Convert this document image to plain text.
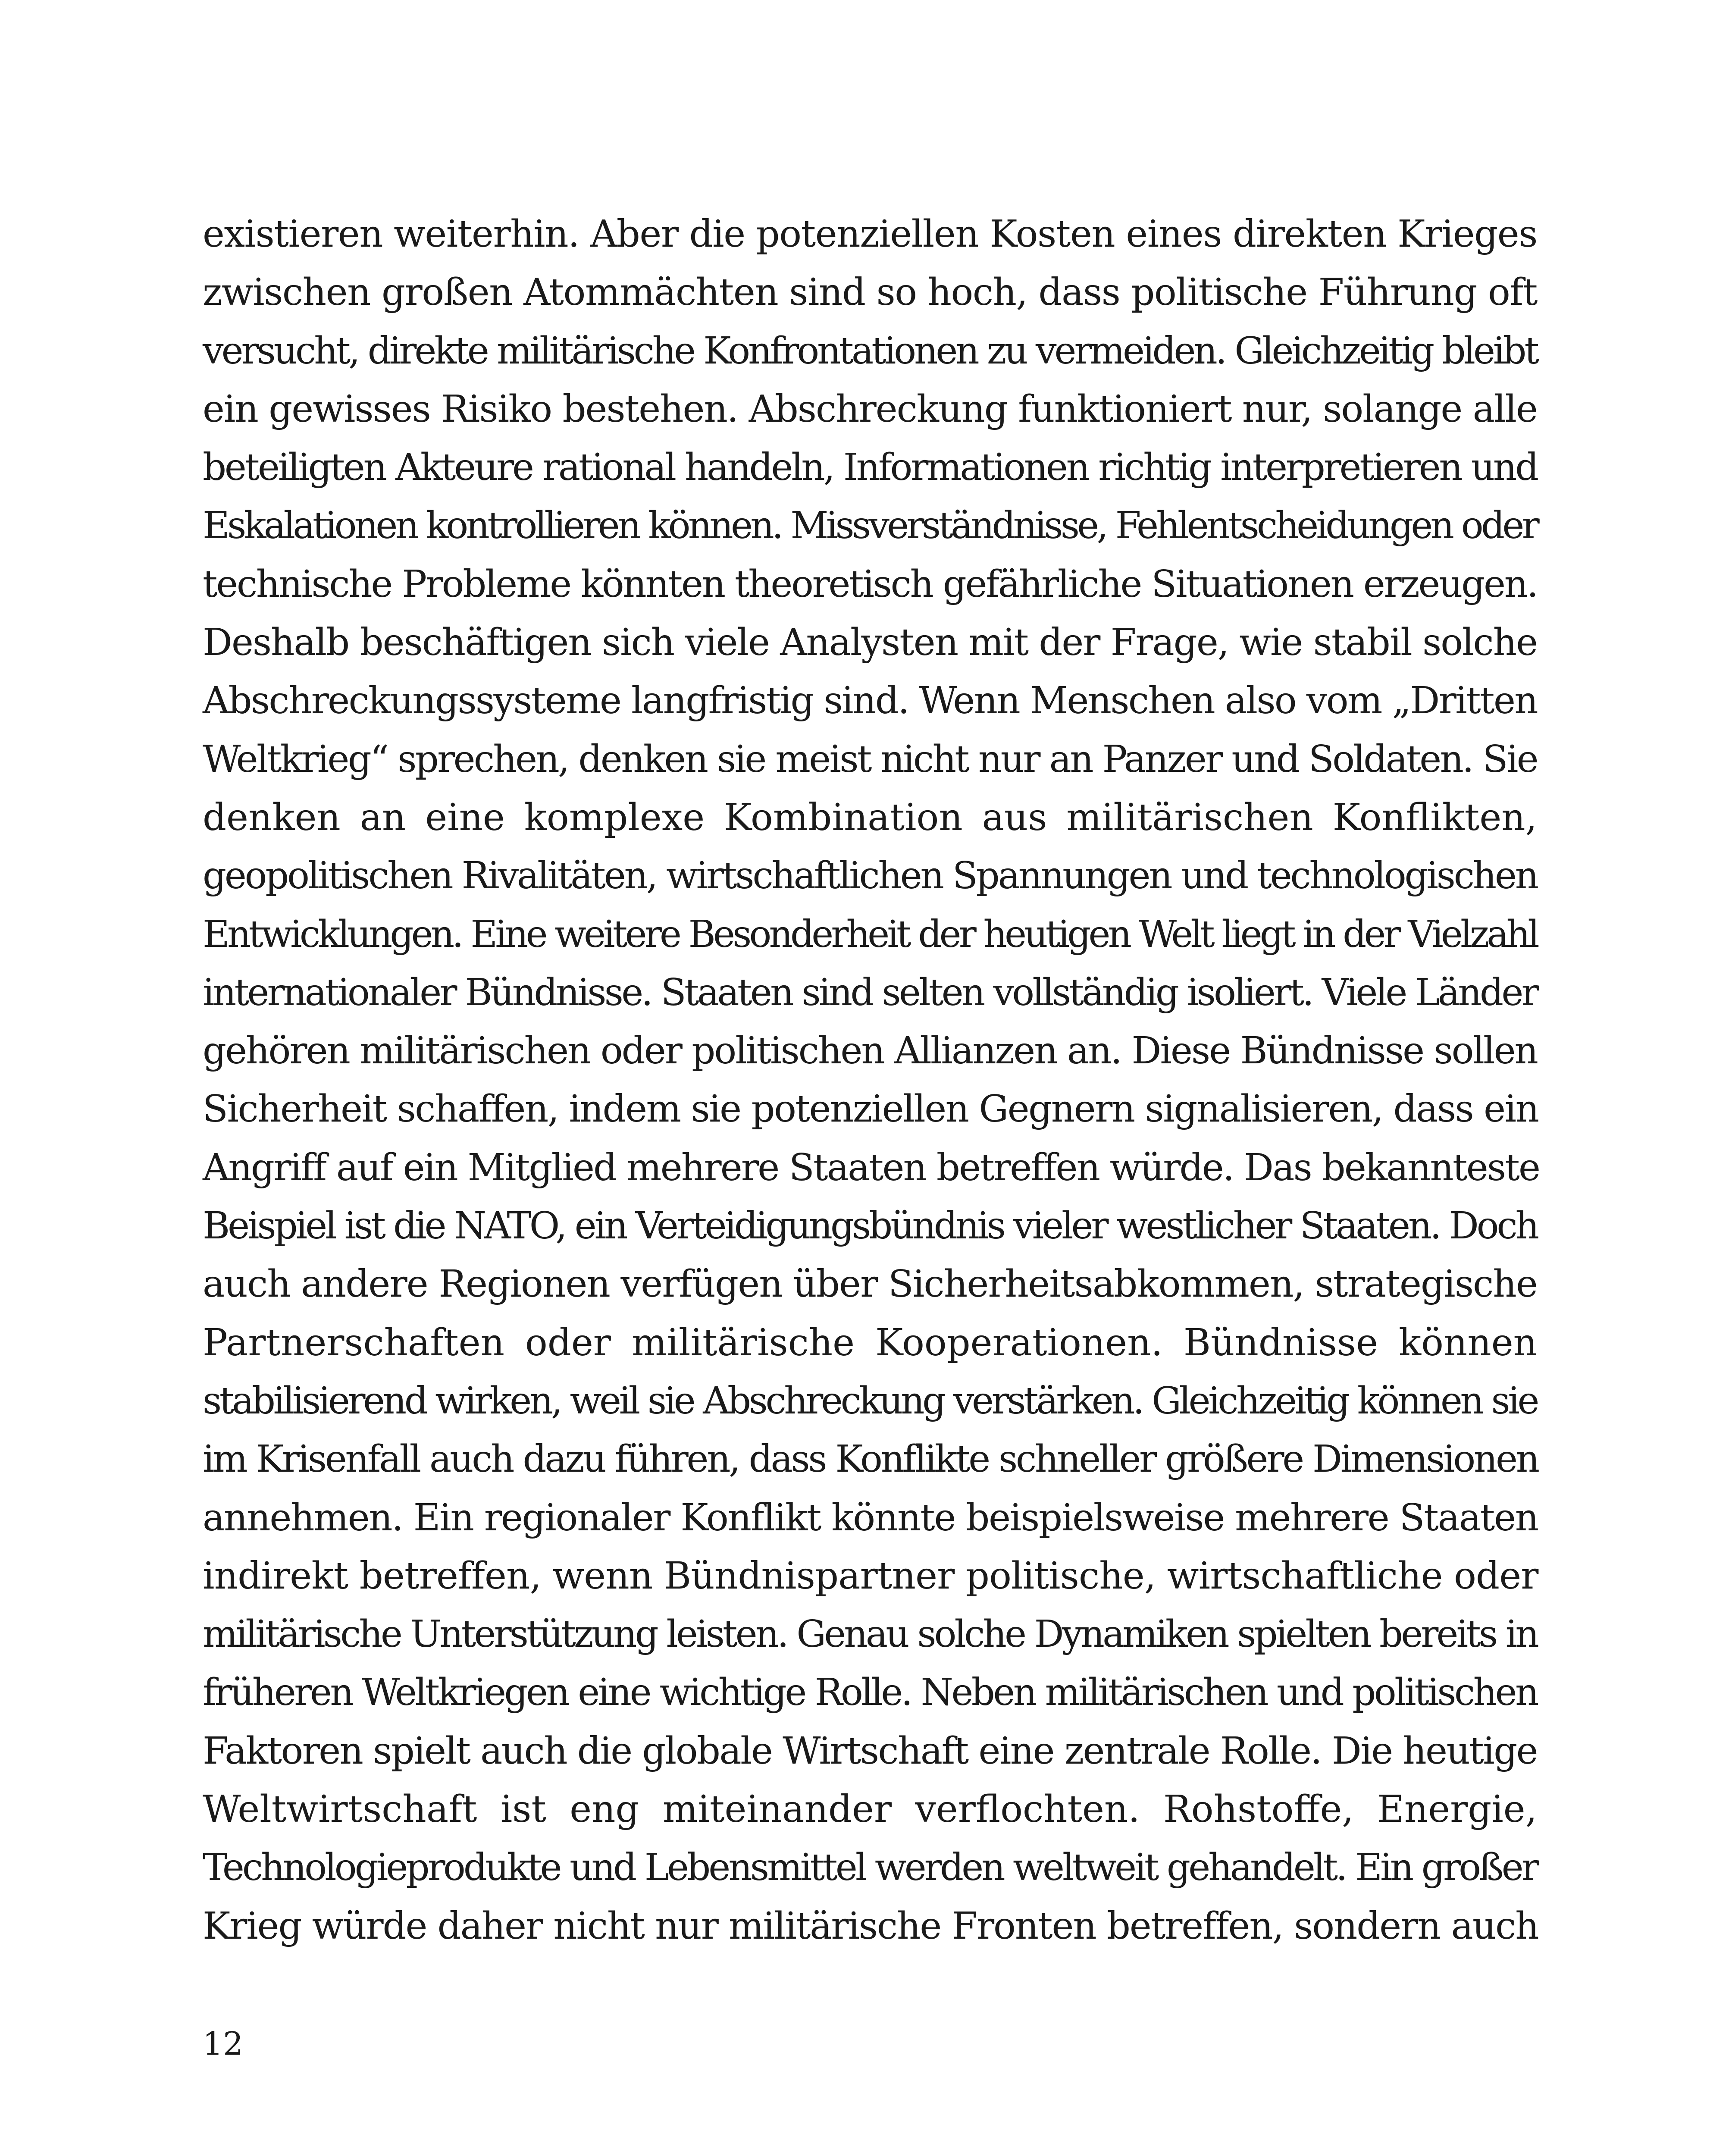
existieren weiterhin. Aber die potenziellen Kosten eines direkten Krieges
zwischen großen Atommächten sind so hoch, dass politische Führung oft
versucht, direkte militärische Konfrontationen zu vermeiden. Gleichzeitig bleibt
ein gewisses Risiko bestehen. Abschreckung funktioniert nur, solange alle
beteiligten Akteure rational handeln, Informationen richtig interpretieren und
Eskalationen kontrollieren können. Missverständnisse, Fehlentscheidungen oder
technische Probleme könnten theoretisch gefährliche Situationen erzeugen.
Deshalb beschäftigen sich viele Analysten mit der Frage, wie stabil solche
Abschreckungssysteme langfristig sind. Wenn Menschen also vom „Dritten
Weltkrieg“ sprechen, denken sie meist nicht nur an Panzer und Soldaten. Sie
denken an eine komplexe Kombination aus militärischen Konflikten,
geopolitischen Rivalitäten, wirtschaftlichen Spannungen und technologischen
Entwicklungen. Eine weitere Besonderheit der heutigen Welt liegt in der Vielzahl
internationaler Bündnisse. Staaten sind selten vollständig isoliert. Viele Länder
gehören militärischen oder politischen Allianzen an. Diese Bündnisse sollen
Sicherheit schaffen, indem sie potenziellen Gegnern signalisieren, dass ein
Angriff auf ein Mitglied mehrere Staaten betreffen würde. Das bekannteste
Beispiel ist die NATO, ein Verteidigungsbündnis vieler westlicher Staaten. Doch
auch andere Regionen verfügen über Sicherheitsabkommen, strategische
Partnerschaften oder militärische Kooperationen. Bündnisse können
stabilisierend wirken, weil sie Abschreckung verstärken. Gleichzeitig können sie
im Krisenfall auch dazu führen, dass Konflikte schneller größere Dimensionen
annehmen. Ein regionaler Konflikt könnte beispielsweise mehrere Staaten
indirekt betreffen, wenn Bündnispartner politische, wirtschaftliche oder
militärische Unterstützung leisten. Genau solche Dynamiken spielten bereits in
früheren Weltkriegen eine wichtige Rolle. Neben militärischen und politischen
Faktoren spielt auch die globale Wirtschaft eine zentrale Rolle. Die heutige
Weltwirtschaft ist eng miteinander verflochten. Rohstoffe, Energie,
Technologieprodukte und Lebensmittel werden weltweit gehandelt. Ein großer
Krieg würde daher nicht nur militärische Fronten betreffen, sondern auch

12
